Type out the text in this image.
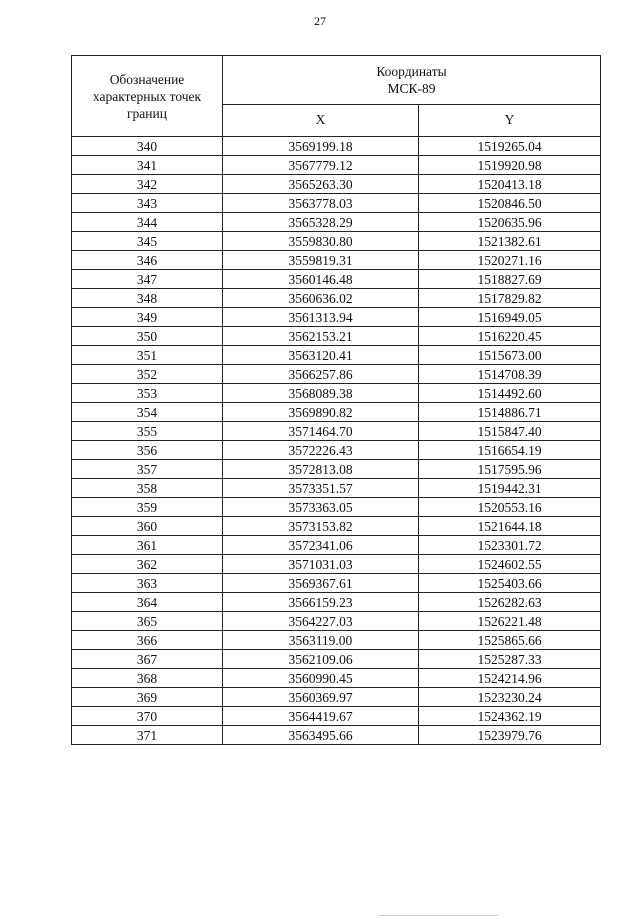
27
Обозначение характерных точек границ	Координаты
МСК-89	

	X	Y
340	3569199.18	1519265.04
341	3567779.12	1519920.98
342	3565263.30	1520413.18
343	3563778.03	1520846.50
344	3565328.29	1520635.96
345	3559830.80	1521382.61
346	3559819.31	1520271.16
347	3560146.48	1518827.69
348	3560636.02	1517829.82
349	3561313.94	1516949.05
350	3562153.21	1516220.45
351	3563120.41	1515673.00
352	3566257.86	1514708.39
353	3568089.38	1514492.60
354	3569890.82	1514886.71
355	3571464.70	1515847.40
356	3572226.43	1516654.19
357	3572813.08	1517595.96
358	3573351.57	1519442.31
359	3573363.05	1520553.16
360	3573153.82	1521644.18
361	3572341.06	1523301.72
362	3571031.03	1524602.55
363	3569367.61	1525403.66
364	3566159.23	1526282.63
365	3564227.03	1526221.48
366	3563119.00	1525865.66
367	3562109.06	1525287.33
368	3560990.45	1524214.96
369	3560369.97	1523230.24
370	3564419.67	1524362.19
371	3563495.66	1523979.76
